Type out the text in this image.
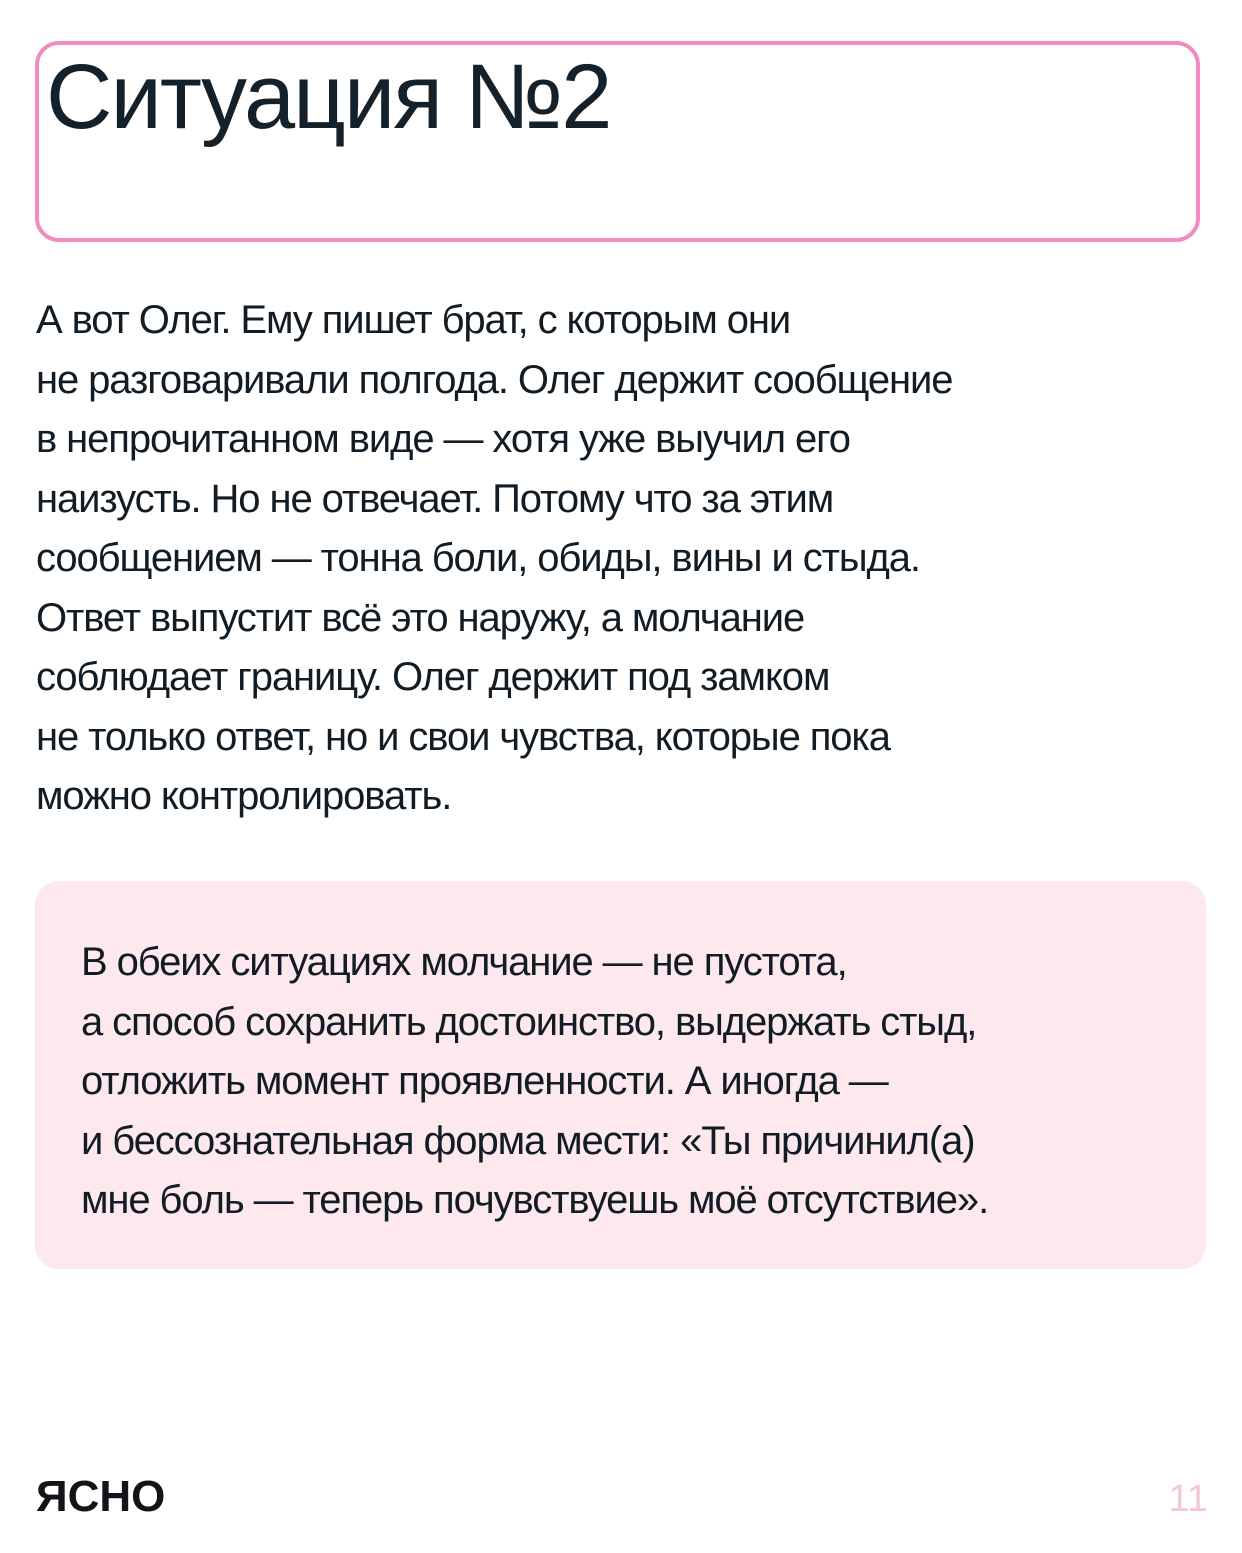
Ситуация №2
А вот Олег. Ему пишет брат, с которым они
не разговаривали полгода. Олег держит сообщение
в непрочитанном виде — хотя уже выучил его
наизусть. Но не отвечает. Потому что за этим
сообщением — тонна боли, обиды, вины и стыда.
Ответ выпустит всё это наружу, а молчание
соблюдает границу. Олег держит под замком
не только ответ, но и свои чувства, которые пока
можно контролировать.
В обеих ситуациях молчание — не пустота,
а способ сохранить достоинство, выдержать стыд,
отложить момент проявленности. А иногда —
и бессознательная форма мести: «Ты причинил(а)
мне боль — теперь почувствуешь моё отсутствие».
ЯСНО	11
